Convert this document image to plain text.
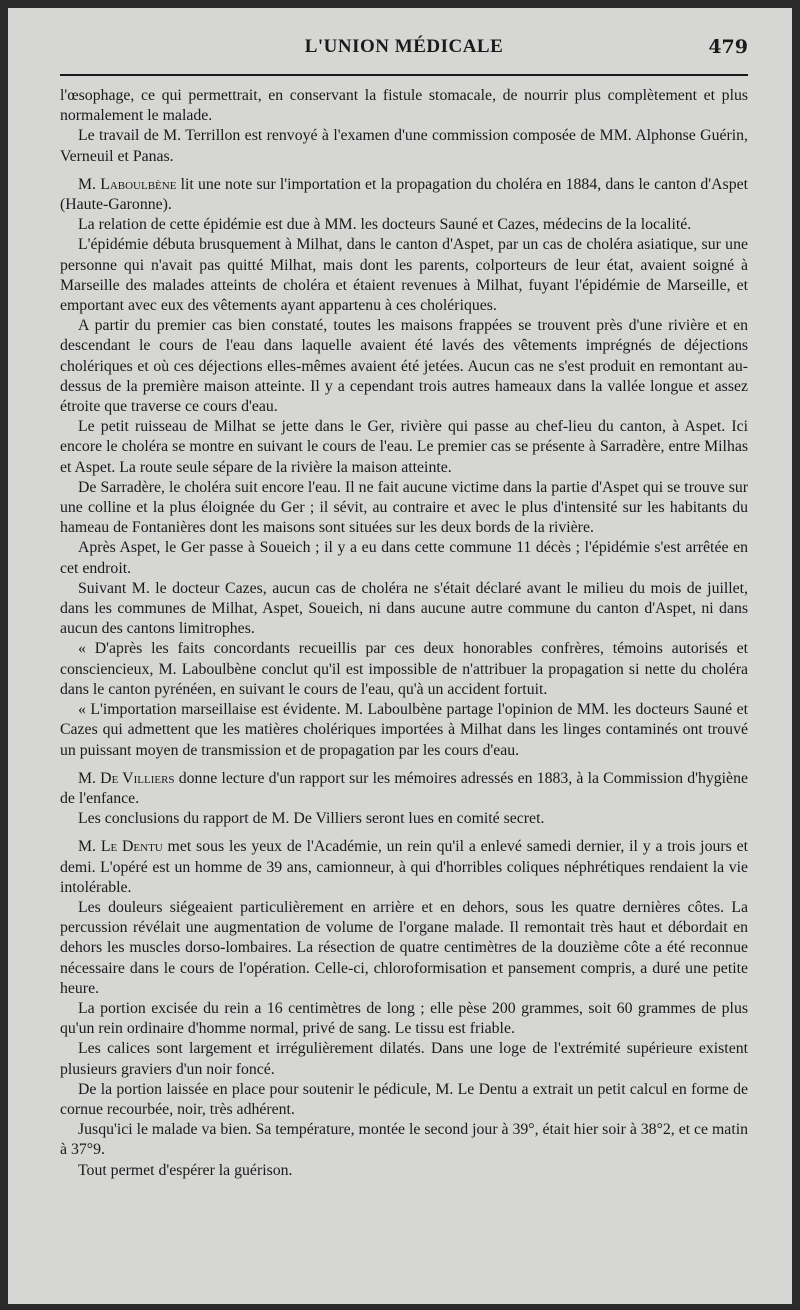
L'UNION MÉDICALE	479

l'œsophage, ce qui permettrait, en conservant la fistule stomacale, de nourrir plus complètement et plus normalement le malade.

Le travail de M. Terrillon est renvoyé à l'examen d'une commission composée de MM. Alphonse Guérin, Verneuil et Panas.

M. Laboulbène lit une note sur l'importation et la propagation du choléra en 1884, dans le canton d'Aspet (Haute-Garonne).

La relation de cette épidémie est due à MM. les docteurs Sauné et Cazes, médecins de la localité.

L'épidémie débuta brusquement à Milhat, dans le canton d'Aspet, par un cas de choléra asiatique, sur une personne qui n'avait pas quitté Milhat, mais dont les parents, colporteurs de leur état, avaient soigné à Marseille des malades atteints de choléra et étaient revenues à Milhat, fuyant l'épidémie de Marseille, et emportant avec eux des vêtements ayant appartenu à ces cholériques.

A partir du premier cas bien constaté, toutes les maisons frappées se trouvent près d'une rivière et en descendant le cours de l'eau dans laquelle avaient été lavés des vêtements imprégnés de déjections cholériques et où ces déjections elles-mêmes avaient été jetées. Aucun cas ne s'est produit en remontant au-dessus de la première maison atteinte. Il y a cependant trois autres hameaux dans la vallée longue et assez étroite que traverse ce cours d'eau.

Le petit ruisseau de Milhat se jette dans le Ger, rivière qui passe au chef-lieu du canton, à Aspet. Ici encore le choléra se montre en suivant le cours de l'eau. Le premier cas se présente à Sarradère, entre Milhas et Aspet. La route seule sépare de la rivière la maison atteinte.

De Sarradère, le choléra suit encore l'eau. Il ne fait aucune victime dans la partie d'Aspet qui se trouve sur une colline et la plus éloignée du Ger ; il sévit, au contraire et avec le plus d'intensité sur les habitants du hameau de Fontanières dont les maisons sont situées sur les deux bords de la rivière.

Après Aspet, le Ger passe à Soueich ; il y a eu dans cette commune 11 décès ; l'épidémie s'est arrêtée en cet endroit.

Suivant M. le docteur Cazes, aucun cas de choléra ne s'était déclaré avant le milieu du mois de juillet, dans les communes de Milhat, Aspet, Soueich, ni dans aucune autre commune du canton d'Aspet, ni dans aucun des cantons limitrophes.

« D'après les faits concordants recueillis par ces deux honorables confrères, témoins autorisés et consciencieux, M. Laboulbène conclut qu'il est impossible de n'attribuer la propagation si nette du choléra dans le canton pyrénéen, en suivant le cours de l'eau, qu'à un accident fortuit.

« L'importation marseillaise est évidente. M. Laboulbène partage l'opinion de MM. les docteurs Sauné et Cazes qui admettent que les matières cholériques importées à Milhat dans les linges contaminés ont trouvé un puissant moyen de transmission et de propagation par les cours d'eau.

M. De Villiers donne lecture d'un rapport sur les mémoires adressés en 1883, à la Commission d'hygiène de l'enfance.

Les conclusions du rapport de M. De Villiers seront lues en comité secret.

M. Le Dentu met sous les yeux de l'Académie, un rein qu'il a enlevé samedi dernier, il y a trois jours et demi. L'opéré est un homme de 39 ans, camionneur, à qui d'horribles coliques néphrétiques rendaient la vie intolérable.

Les douleurs siégeaient particulièrement en arrière et en dehors, sous les quatre dernières côtes. La percussion révélait une augmentation de volume de l'organe malade. Il remontait très haut et débordait en dehors les muscles dorso-lombaires. La résection de quatre centimètres de la douzième côte a été reconnue nécessaire dans le cours de l'opération. Celle-ci, chloroformisation et pansement compris, a duré une petite heure.

La portion excisée du rein a 16 centimètres de long ; elle pèse 200 grammes, soit 60 grammes de plus qu'un rein ordinaire d'homme normal, privé de sang. Le tissu est friable.

Les calices sont largement et irrégulièrement dilatés. Dans une loge de l'extrémité supérieure existent plusieurs graviers d'un noir foncé.

De la portion laissée en place pour soutenir le pédicule, M. Le Dentu a extrait un petit calcul en forme de cornue recourbée, noir, très adhérent.

Jusqu'ici le malade va bien. Sa température, montée le second jour à 39°, était hier soir à 38°2, et ce matin à 37°9.

Tout permet d'espérer la guérison.
